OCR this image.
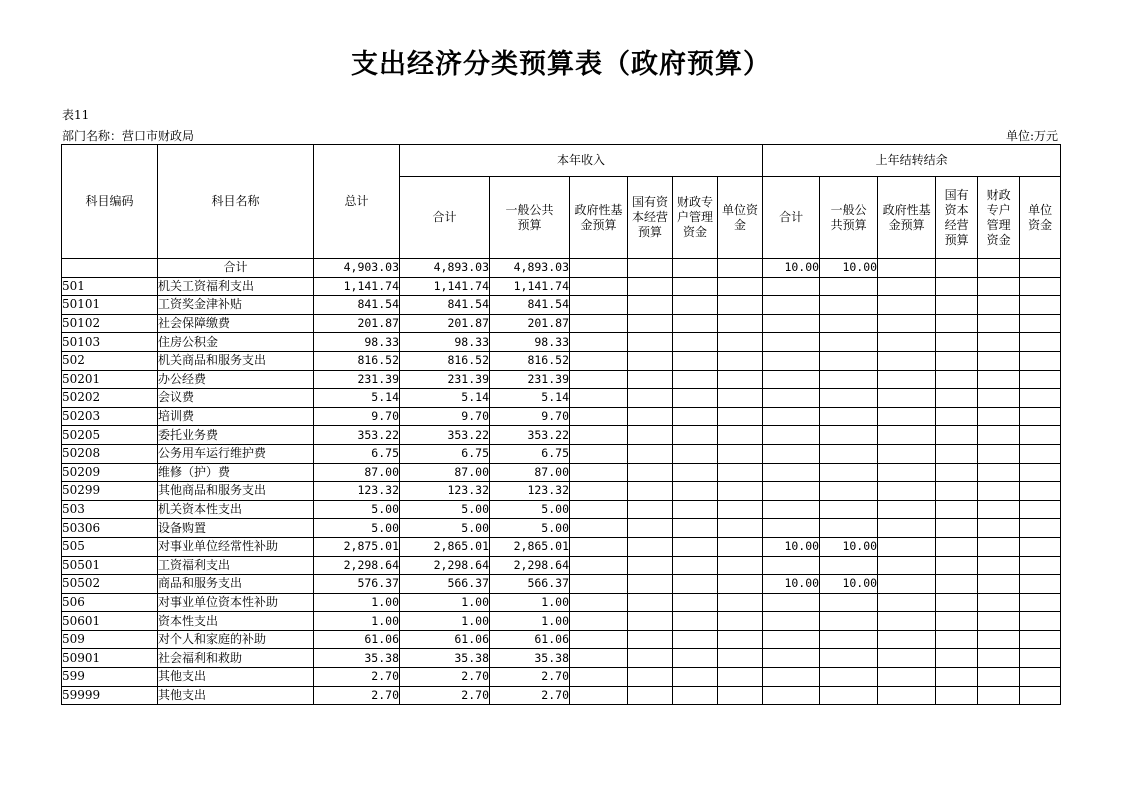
支出经济分类预算表（政府预算）
表11
部门名称：营口市财政局	单位:万元
科目编码	科目名称	总计	本年收入						上年结转结余					
			合计	一般公共预算	政府性基金预算	国有资本经营预算	财政专户管理资金	单位资金	合计	一般公共预算	政府性基金预算	国有资本经营预算	财政专户管理资金	单位资金
	合计	4,903.03	4,893.03	4,893.03					10.00	10.00				
501	机关工资福利支出	1,141.74	1,141.74	1,141.74										
50101	工资奖金津补贴	841.54	841.54	841.54										
50102	社会保障缴费	201.87	201.87	201.87										
50103	住房公积金	98.33	98.33	98.33										
502	机关商品和服务支出	816.52	816.52	816.52										
50201	办公经费	231.39	231.39	231.39										
50202	会议费	5.14	5.14	5.14										
50203	培训费	9.70	9.70	9.70										
50205	委托业务费	353.22	353.22	353.22										
50208	公务用车运行维护费	6.75	6.75	6.75										
50209	维修（护）费	87.00	87.00	87.00										
50299	其他商品和服务支出	123.32	123.32	123.32										
503	机关资本性支出	5.00	5.00	5.00										
50306	设备购置	5.00	5.00	5.00										
505	对事业单位经常性补助	2,875.01	2,865.01	2,865.01					10.00	10.00				
50501	工资福利支出	2,298.64	2,298.64	2,298.64										
50502	商品和服务支出	576.37	566.37	566.37					10.00	10.00				
506	对事业单位资本性补助	1.00	1.00	1.00										
50601	资本性支出	1.00	1.00	1.00										
509	对个人和家庭的补助	61.06	61.06	61.06										
50901	社会福利和救助	35.38	35.38	35.38										
599	其他支出	2.70	2.70	2.70										
59999	其他支出	2.70	2.70	2.70										
